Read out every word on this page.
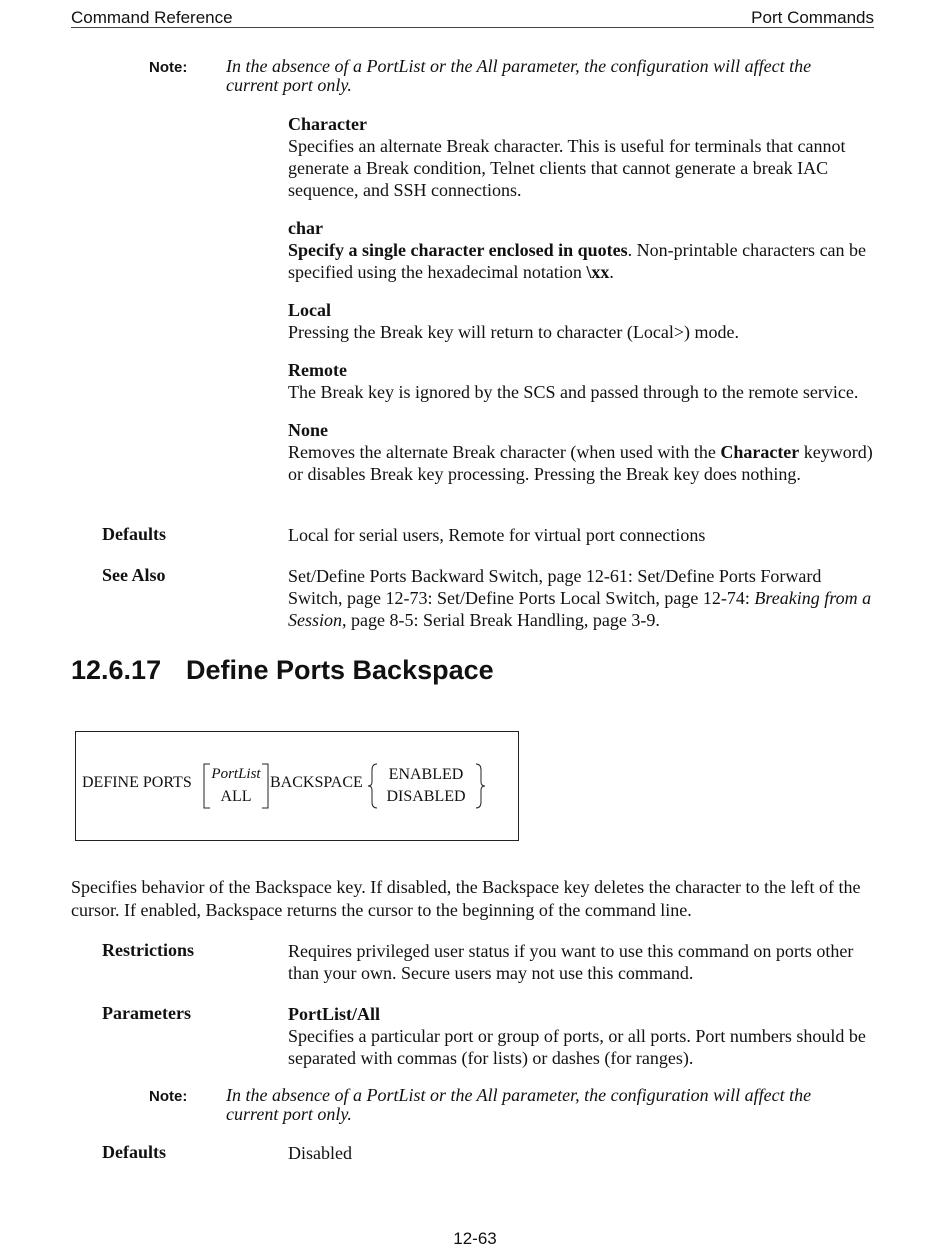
Command Reference	Port Commands
Note: In the absence of a PortList or the All parameter, the configuration will affect the current port only.
Character

Specifies an alternate Break character. This is useful for terminals that cannot generate a Break condition, Telnet clients that cannot generate a break IAC sequence, and SSH connections.

char

Specify a single character enclosed in quotes. Non-printable characters can be specified using the hexadecimal notation \xx.

Local

Pressing the Break key will return to character (Local>) mode.

Remote

The Break key is ignored by the SCS and passed through to the remote service.

None

Removes the alternate Break character (when used with the Character keyword) or disables Break key processing. Pressing the Break key does nothing.

Defaults	Local for serial users, Remote for virtual port connections
See Also	Set/Define Ports Backward Switch, page 12-61: Set/Define Ports Forward Switch, page 12-73: Set/Define Ports Local Switch, page 12-74: Breaking from a Session, page 8-5: Serial Break Handling, page 3-9.
12.6.17 Define Ports Backspace
DEFINE PORTS	PortList
ALL
BACKSPACE	ENABLED
DISABLED

Specifies behavior of the Backspace key. If disabled, the Backspace key deletes the character to the left of the cursor. If enabled, Backspace returns the cursor to the beginning of the command line.

Restrictions	Requires privileged user status if you want to use this command on ports other than your own. Secure users may not use this command.
Parameters	PortList/All
Specifies a particular port or group of ports, or all ports. Port numbers should be separated with commas (for lists) or dashes (for ranges).
Note: In the absence of a PortList or the All parameter, the configuration will affect the current port only.
Defaults	Disabled
12-63
